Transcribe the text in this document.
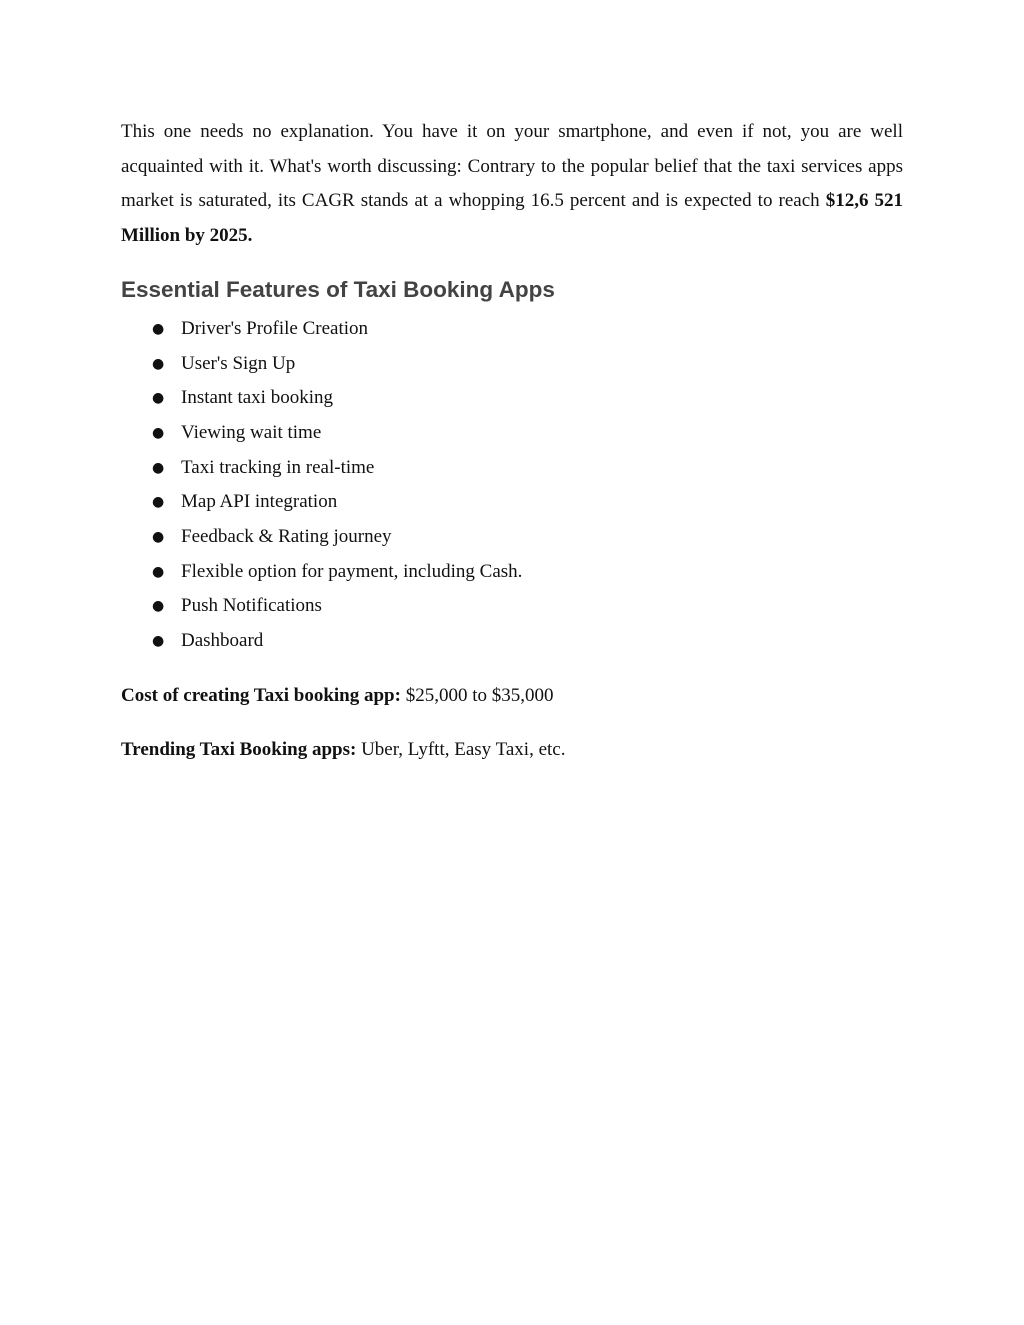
This one needs no explanation. You have it on your smartphone, and even if not, you are well acquainted with it. What's worth discussing: Contrary to the popular belief that the taxi services apps market is saturated, its CAGR stands at a whopping 16.5 percent and is expected to reach $12,6 521 Million by 2025.

Essential Features of Taxi Booking Apps
● Driver's Profile Creation
● User's Sign Up
● Instant taxi booking
● Viewing wait time
● Taxi tracking in real-time
● Map API integration
● Feedback & Rating journey
● Flexible option for payment, including Cash.
● Push Notifications
● Dashboard

Cost of creating Taxi booking app: $25,000 to $35,000

Trending Taxi Booking apps: Uber, Lyftt, Easy Taxi, etc.
